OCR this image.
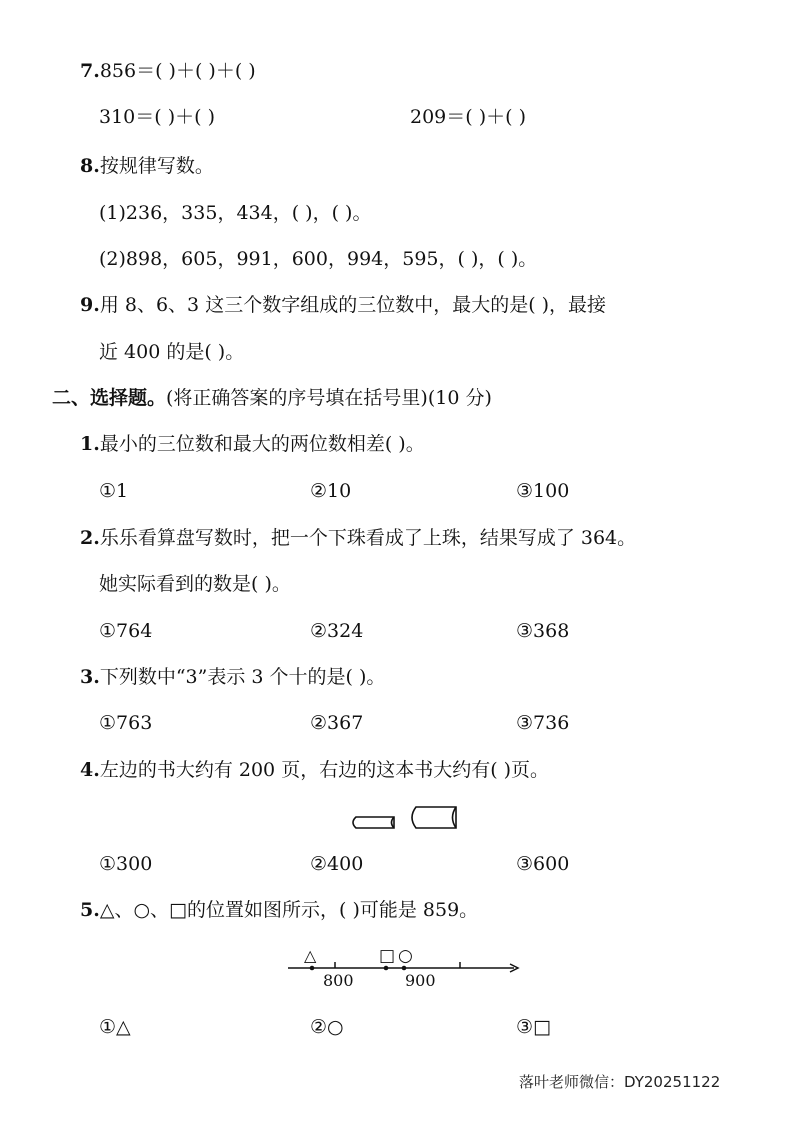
7.856＝( )＋( )＋( )
310＝( )＋( )	209＝( )＋( )
8.按规律写数。
(1)236，335，434，( )，( )。
(2)898，605，991，600，994，595，( )，( )。
9.用 8、6、3 这三个数字组成的三位数中，最大的是( )，最接
近 400 的是( )。
二、选择题。(将正确答案的序号填在括号里)(10 分)
1.最小的三位数和最大的两位数相差( )。
①1	②10	③100
2.乐乐看算盘写数时，把一个下珠看成了上珠，结果写成了 364。
她实际看到的数是( )。
①764	②324	③368
3.下列数中“3”表示 3 个十的是( )。
①763	②367	③736
4.左边的书大约有 200 页，右边的这本书大约有( )页。
①300	②400	③600
5.△、○、□的位置如图所示，( )可能是 859。
△	□ ○
800	900
①△	②○	③□
落叶老师微信：DY20251122
